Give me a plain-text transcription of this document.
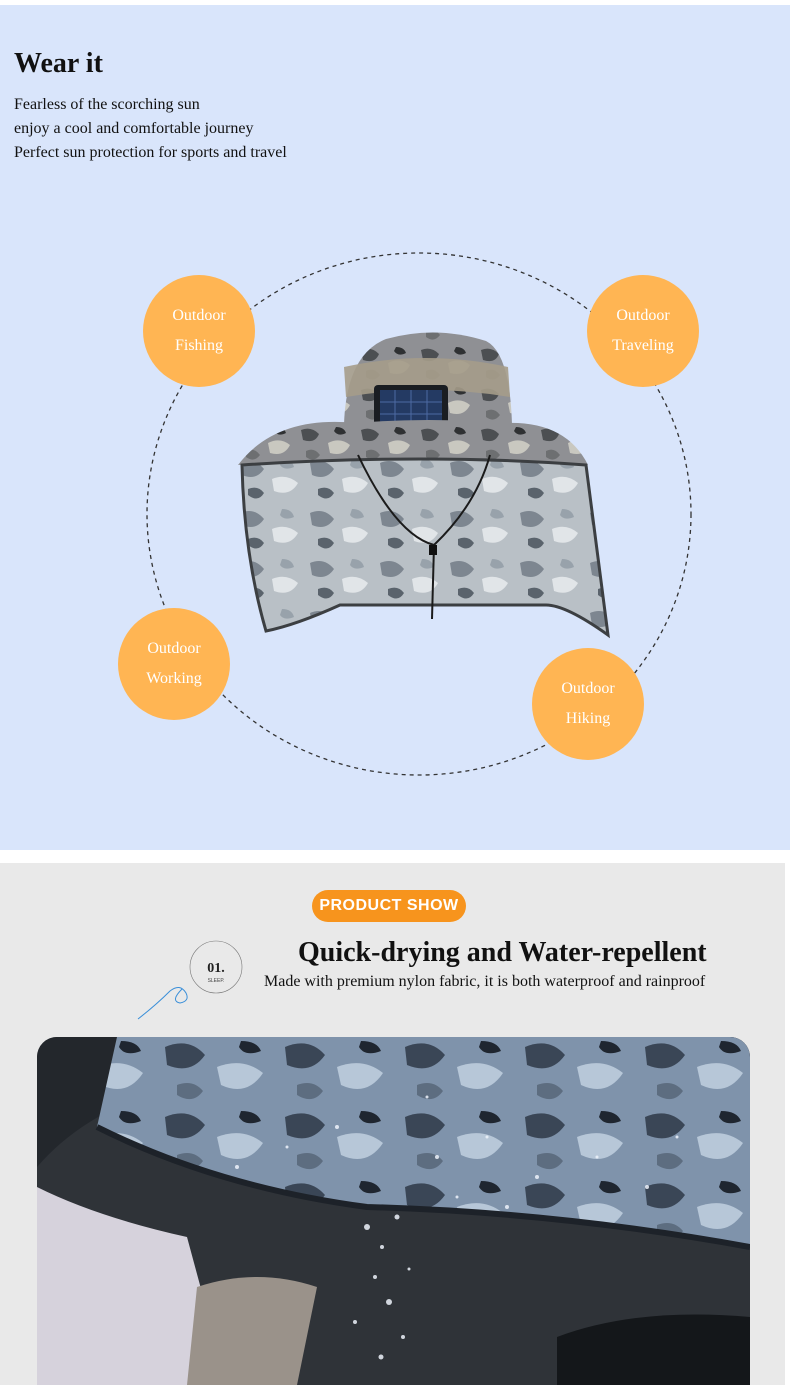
Wear it
Fearless of the scorching sun
enjoy a cool and comfortable journey
Perfect sun protection for sports and travel
Outdoor
Fishing
Outdoor
Traveling
Outdoor
Working
Outdoor
Hiking
PRODUCT SHOW
01.
SLEEP.
Quick-drying and Water-repellent
Made with premium nylon fabric, it is both waterproof and rainproof
